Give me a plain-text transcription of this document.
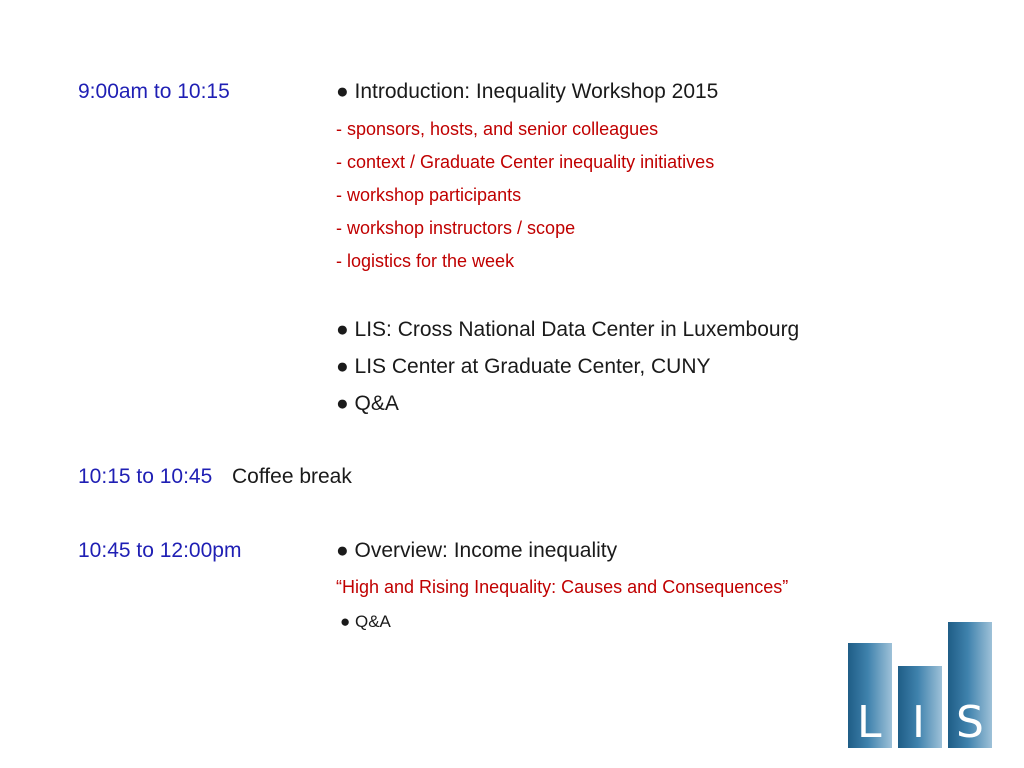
9:00am to 10:15	● Introduction: Inequality Workshop 2015
- sponsors, hosts, and senior colleagues
- context / Graduate Center inequality initiatives
- workshop participants
- workshop instructors / scope
- logistics for the week
● LIS: Cross National Data Center in Luxembourg
● LIS Center at Graduate Center, CUNY
● Q&A
10:15 to 10:45 Coffee break
10:45 to 12:00pm	● Overview: Income inequality
“High and Rising Inequality: Causes and Consequences”
● Q&A
L I S
